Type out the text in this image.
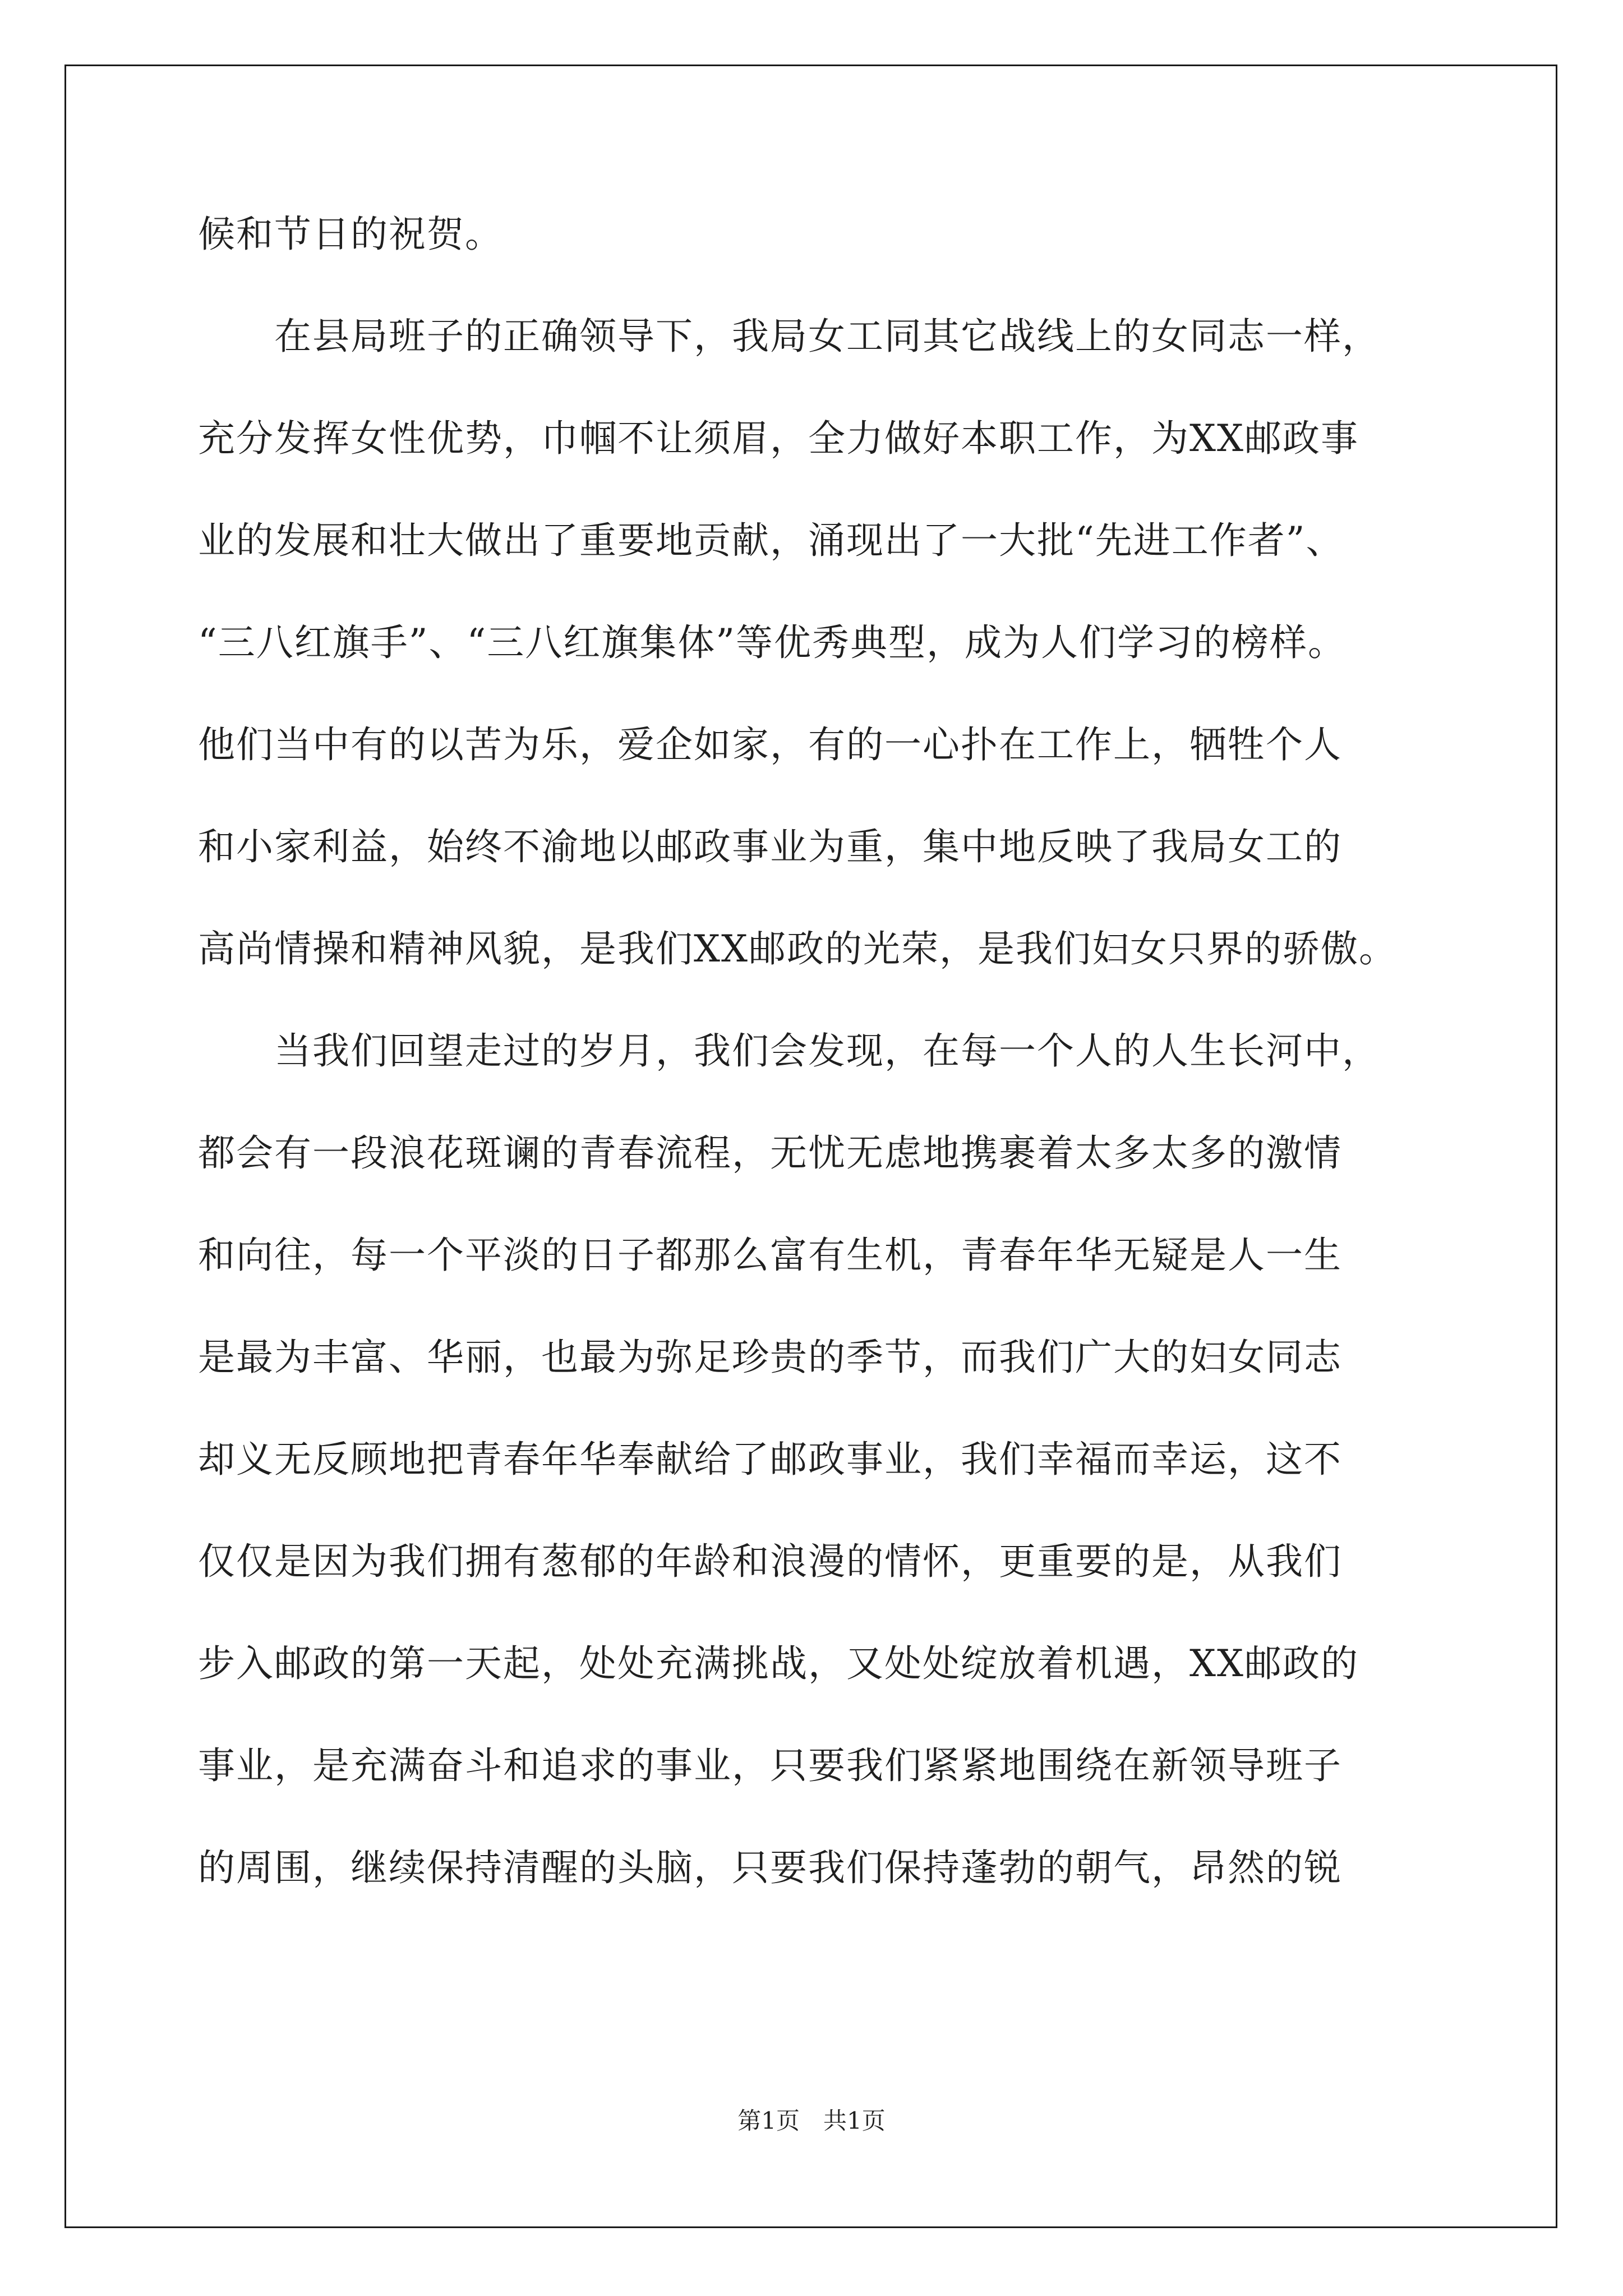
候和节日的祝贺。
　　在县局班子的正确领导下，我局女工同其它战线上的女同志一样，
充分发挥女性优势，巾帼不让须眉，全力做好本职工作，为XX邮政事
业的发展和壮大做出了重要地贡献，涌现出了一大批“先进工作者”、
“三八红旗手”、“三八红旗集体”等优秀典型，成为人们学习的榜样。
他们当中有的以苦为乐，爱企如家，有的一心扑在工作上，牺牲个人
和小家利益，始终不渝地以邮政事业为重，集中地反映了我局女工的
高尚情操和精神风貌，是我们XX邮政的光荣，是我们妇女只界的骄傲。
　　当我们回望走过的岁月，我们会发现，在每一个人的人生长河中，
都会有一段浪花斑谰的青春流程，无忧无虑地携裹着太多太多的激情
和向往，每一个平淡的日子都那么富有生机，青春年华无疑是人一生
是最为丰富、华丽，也最为弥足珍贵的季节，而我们广大的妇女同志
却义无反顾地把青春年华奉献给了邮政事业，我们幸福而幸运，这不
仅仅是因为我们拥有葱郁的年龄和浪漫的情怀，更重要的是，从我们
步入邮政的第一天起，处处充满挑战，又处处绽放着机遇，XX邮政的
事业，是充满奋斗和追求的事业，只要我们紧紧地围绕在新领导班子
的周围，继续保持清醒的头脑，只要我们保持蓬勃的朝气，昂然的锐
第1页　共1页
